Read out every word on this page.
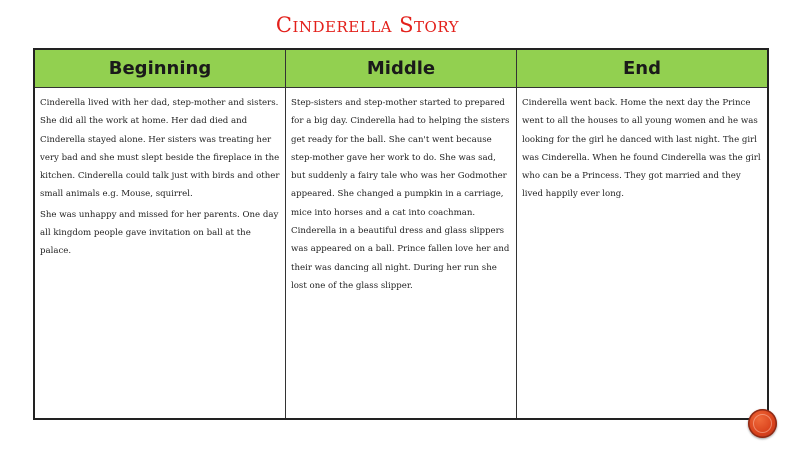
Cinderella Story
Beginning	Middle	End

Cinderella lived with her dad, step-mother and sisters. She did all the work at home. Her dad died and Cinderella stayed alone. Her sisters was treating her very bad and she must slept beside the fireplace in the kitchen. Cinderella could talk just with birds and other small animals e.g. Mouse, squirrel.

She was unhappy and missed for her parents. One day all kingdom people gave invitation on ball at the palace.

Step-sisters and step-mother started to prepared for a big day. Cinderella had to helping the sisters get ready for the ball. She can't went because step-mother gave her work to do. She was sad, but suddenly a fairy tale who was her Godmother appeared. She changed a pumpkin in a carriage, mice into horses and a cat into coachman. Cinderella in a beautiful dress and glass slippers was appeared on a ball. Prince fallen love her and their was dancing all night. During her run she lost one of the glass slipper.

Cinderella went back. Home the next day the Prince went to all the houses to all young women and he was looking for the girl he danced with last night. The girl was Cinderella. When he found Cinderella was the girl who can be a Princess. They got married and they lived happily ever long.
